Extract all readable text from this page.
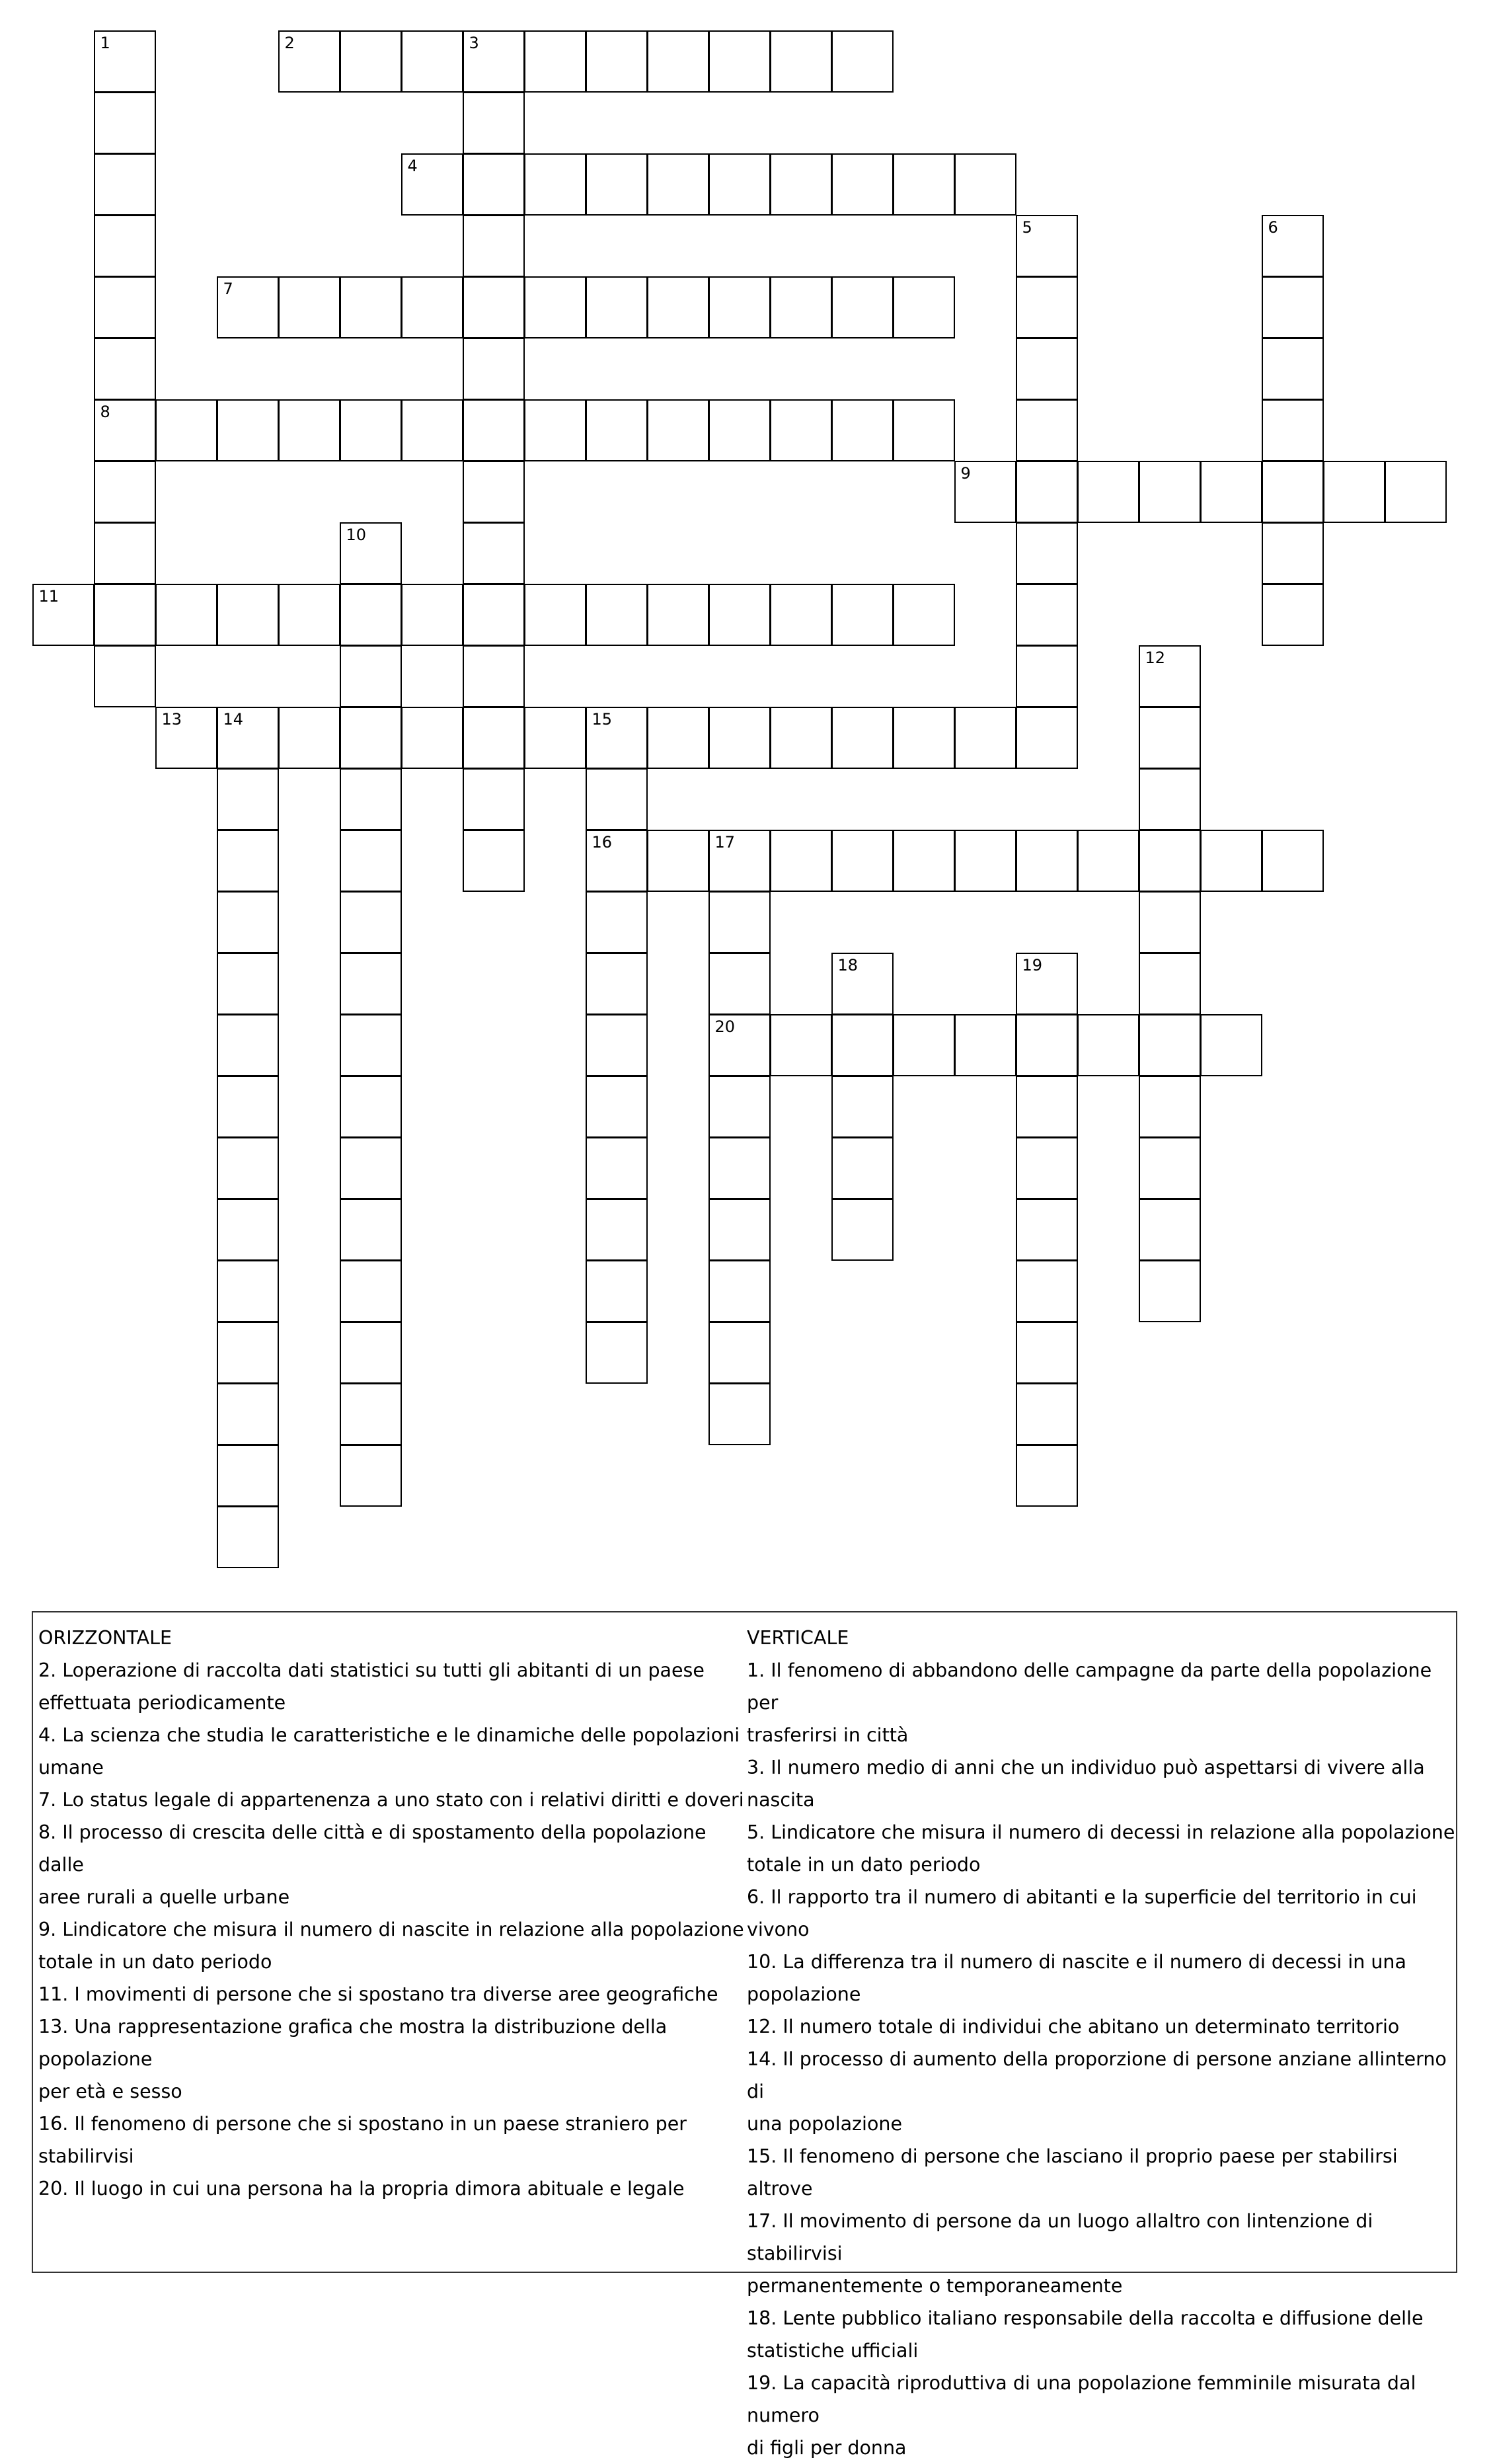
1
8
2	3
4
5	6
7
9
10
11
12
13	14	15
16	17
20
18	19

ORIZZONTALE

2. Loperazione di raccolta dati statistici su tutti gli abitanti di un paese

effettuata periodicamente

4. La scienza che studia le caratteristiche e le dinamiche delle popolazioni

umane

7. Lo status legale di appartenenza a uno stato con i relativi diritti e doveri

8. Il processo di crescita delle città e di spostamento della popolazione dalle

aree rurali a quelle urbane

9. Lindicatore che misura il numero di nascite in relazione alla popolazione

totale in un dato periodo

11. I movimenti di persone che si spostano tra diverse aree geografiche

13. Una rappresentazione grafica che mostra la distribuzione della popolazione

per età e sesso

16. Il fenomeno di persone che si spostano in un paese straniero per stabilirvisi

20. Il luogo in cui una persona ha la propria dimora abituale e legale

VERTICALE

1. Il fenomeno di abbandono delle campagne da parte della popolazione per

trasferirsi in città

3. Il numero medio di anni che un individuo può aspettarsi di vivere alla nascita

5. Lindicatore che misura il numero di decessi in relazione alla popolazione

totale in un dato periodo

6. Il rapporto tra il numero di abitanti e la superficie del territorio in cui vivono

10. La differenza tra il numero di nascite e il numero di decessi in una

popolazione

12. Il numero totale di individui che abitano un determinato territorio

14. Il processo di aumento della proporzione di persone anziane allinterno di

una popolazione

15. Il fenomeno di persone che lasciano il proprio paese per stabilirsi altrove

17. Il movimento di persone da un luogo allaltro con lintenzione di stabilirvisi

permanentemente o temporaneamente

18. Lente pubblico italiano responsabile della raccolta e diffusione delle

statistiche ufficiali

19. La capacità riproduttiva di una popolazione femminile misurata dal numero

di figli per donna
